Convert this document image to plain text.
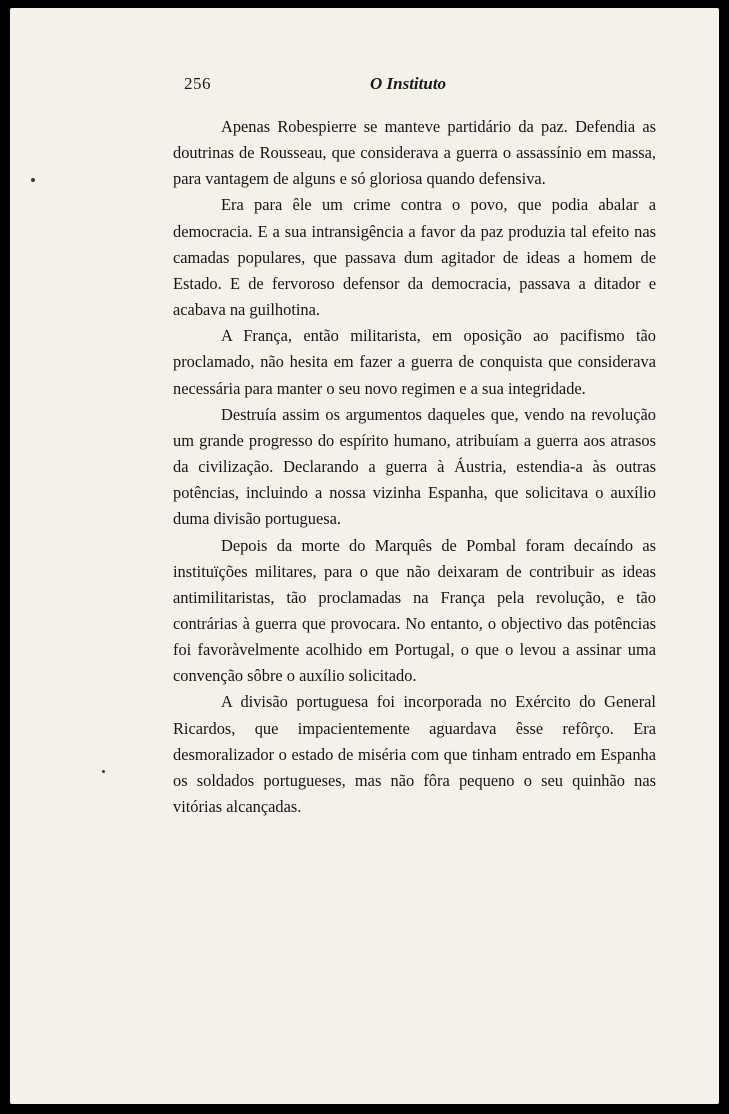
256	O Instituto

Apenas Robespierre se manteve partidário da paz. Defendia as doutrinas de Rousseau, que considerava a guerra o assassínio em massa, para vantagem de alguns e só gloriosa quando defensiva.

Era para êle um crime contra o povo, que podia abalar a democracia. E a sua intransigência a favor da paz produzia tal efeito nas camadas populares, que passava dum agitador de ideas a homem de Estado. E de fervoroso defensor da democracia, passava a ditador e acabava na guilhotina.

A França, então militarista, em oposição ao pacifismo tão proclamado, não hesita em fazer a guerra de conquista que considerava necessária para manter o seu novo regimen e a sua integridade.

Destruía assim os argumentos daqueles que, vendo na revolução um grande progresso do espírito humano, atribuíam a guerra aos atrasos da civilização. Declarando a guerra à Áustria, estendia-a às outras potências, incluindo a nossa vizinha Espanha, que solicitava o auxílio duma divisão portuguesa.

Depois da morte do Marquês de Pombal foram decaíndo as instituïções militares, para o que não deixaram de contribuir as ideas antimilitaristas, tão proclamadas na França pela revolução, e tão contrárias à guerra que provocara. No entanto, o objectivo das potências foi favoràvelmente acolhido em Portugal, o que o levou a assinar uma convenção sôbre o auxílio solicitado.

A divisão portuguesa foi incorporada no Exército do General Ricardos, que impacientemente aguardava êsse refôrço. Era desmoralizador o estado de miséria com que tinham entrado em Espanha os soldados portugueses, mas não fôra pequeno o seu quinhão nas vitórias alcançadas.
